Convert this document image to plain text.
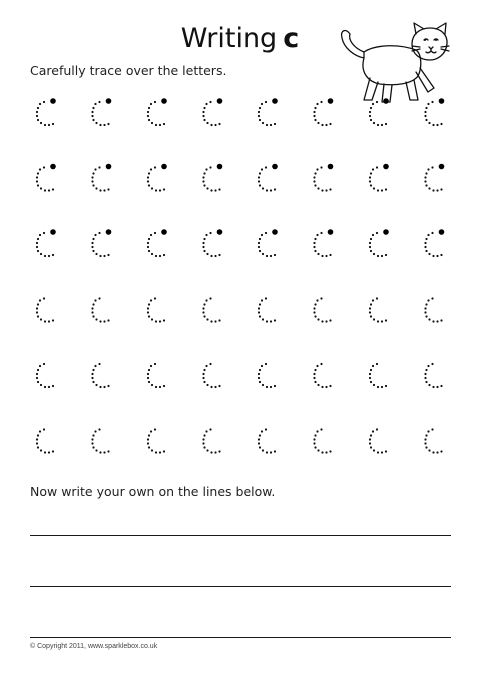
Writing c
Carefully trace over the letters.
Now write your own on the lines below.
© Copyright 2011, www.sparklebox.co.uk
